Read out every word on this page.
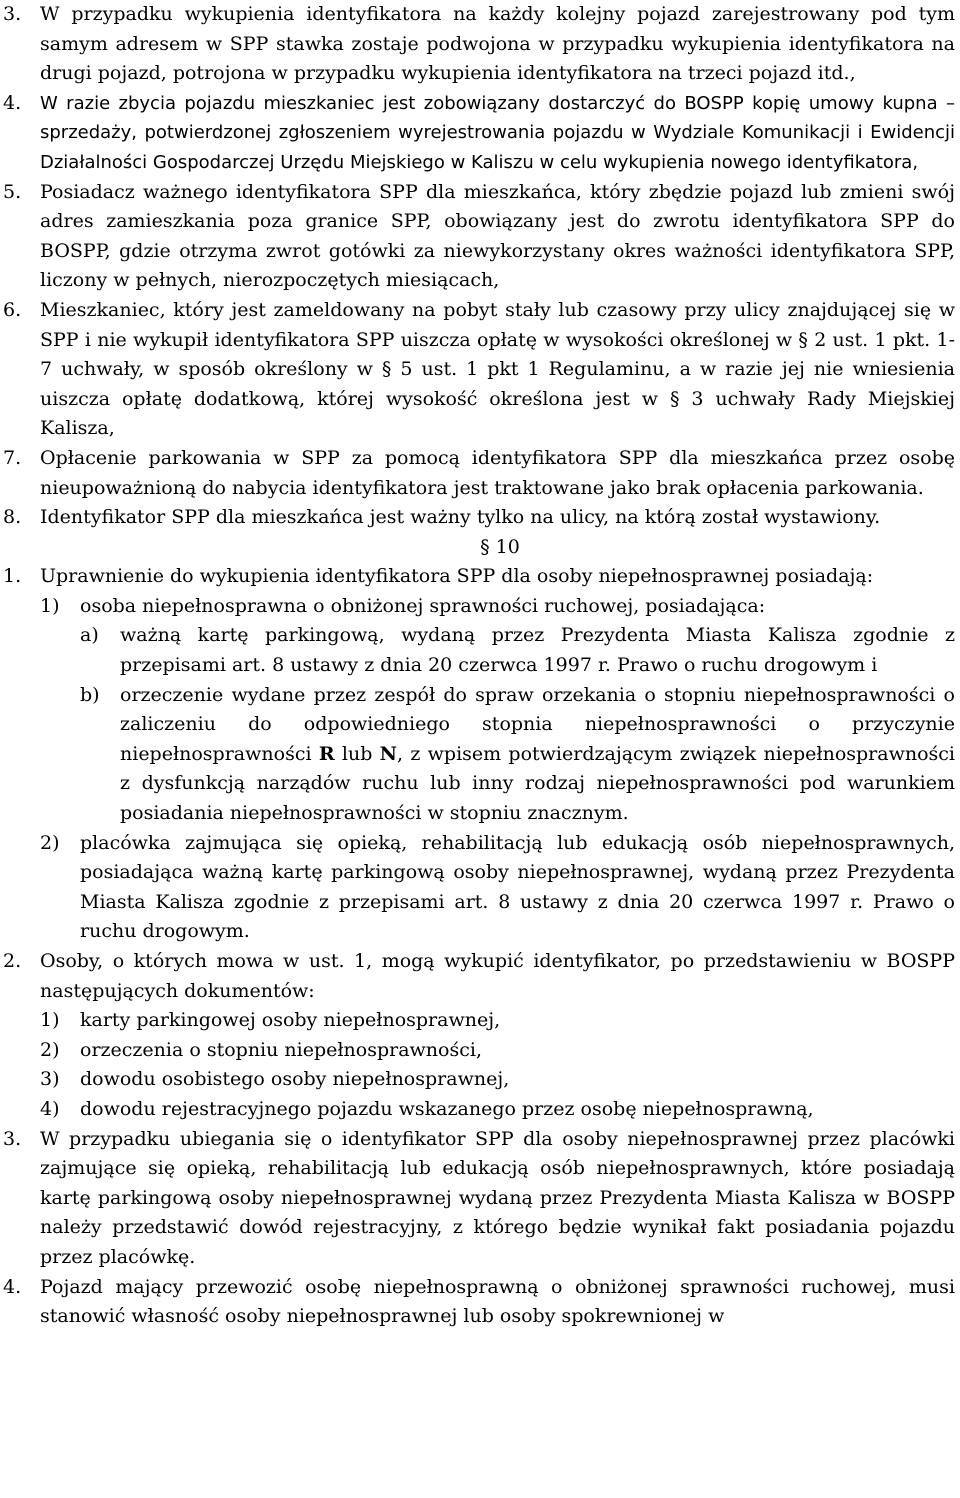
3. W przypadku wykupienia identyfikatora na każdy kolejny pojazd zarejestrowany pod tym samym adresem w SPP stawka zostaje podwojona w przypadku wykupienia identyfikatora na drugi pojazd, potrojona w przypadku wykupienia identyfikatora na trzeci pojazd itd.,
4. W razie zbycia pojazdu mieszkaniec jest zobowiązany dostarczyć do BOSPP kopię umowy kupna – sprzedaży, potwierdzonej zgłoszeniem wyrejestrowania pojazdu w Wydziale Komunikacji i Ewidencji Działalności Gospodarczej Urzędu Miejskiego w Kaliszu w celu wykupienia nowego identyfikatora,
5. Posiadacz ważnego identyfikatora SPP dla mieszkańca, który zbędzie pojazd lub zmieni swój adres zamieszkania poza granice SPP, obowiązany jest do zwrotu identyfikatora SPP do BOSPP, gdzie otrzyma zwrot gotówki za niewykorzystany okres ważności identyfikatora SPP, liczony w pełnych, nierozpoczętych miesiącach,
6. Mieszkaniec, który jest zameldowany na pobyt stały lub czasowy przy ulicy znajdującej się w SPP i nie wykupił identyfikatora SPP uiszcza opłatę w wysokości określonej w § 2 ust. 1 pkt. 1-7 uchwały, w sposób określony w § 5 ust. 1 pkt 1 Regulaminu, a w razie jej nie wniesienia uiszcza opłatę dodatkową, której wysokość określona jest w § 3 uchwały Rady Miejskiej Kalisza,
7. Opłacenie parkowania w SPP za pomocą identyfikatora SPP dla mieszkańca przez osobę nieupoważnioną do nabycia identyfikatora jest traktowane jako brak opłacenia parkowania.
8. Identyfikator SPP dla mieszkańca jest ważny tylko na ulicy, na którą został wystawiony.
§ 10
1. Uprawnienie do wykupienia identyfikatora SPP dla osoby niepełnosprawnej posiadają:
1) osoba niepełnosprawna o obniżonej sprawności ruchowej, posiadająca:
a) ważną kartę parkingową, wydaną przez Prezydenta Miasta Kalisza zgodnie z przepisami art. 8 ustawy z dnia 20 czerwca 1997 r. Prawo o ruchu drogowym i
b) orzeczenie wydane przez zespół do spraw orzekania o stopniu niepełnosprawności o zaliczeniu do odpowiedniego stopnia niepełnosprawności o przyczynie niepełnosprawności R lub N, z wpisem potwierdzającym związek niepełnosprawności z dysfunkcją narządów ruchu lub inny rodzaj niepełnosprawności pod warunkiem posiadania niepełnosprawności w stopniu znacznym.
2) placówka zajmująca się opieką, rehabilitacją lub edukacją osób niepełnosprawnych, posiadająca ważną kartę parkingową osoby niepełnosprawnej, wydaną przez Prezydenta Miasta Kalisza zgodnie z przepisami art. 8 ustawy z dnia 20 czerwca 1997 r. Prawo o ruchu drogowym.
2. Osoby, o których mowa w ust. 1, mogą wykupić identyfikator, po przedstawieniu w BOSPP następujących dokumentów:
1) karty parkingowej osoby niepełnosprawnej,
2) orzeczenia o stopniu niepełnosprawności,
3) dowodu osobistego osoby niepełnosprawnej,
4) dowodu rejestracyjnego pojazdu wskazanego przez osobę niepełnosprawną,
3. W przypadku ubiegania się o identyfikator SPP dla osoby niepełnosprawnej przez placówki zajmujące się opieką, rehabilitacją lub edukacją osób niepełnosprawnych, które posiadają kartę parkingową osoby niepełnosprawnej wydaną przez Prezydenta Miasta Kalisza w BOSPP należy przedstawić dowód rejestracyjny, z którego będzie wynikał fakt posiadania pojazdu przez placówkę.
4. Pojazd mający przewozić osobę niepełnosprawną o obniżonej sprawności ruchowej, musi stanowić własność osoby niepełnosprawnej lub osoby spokrewnionej w
